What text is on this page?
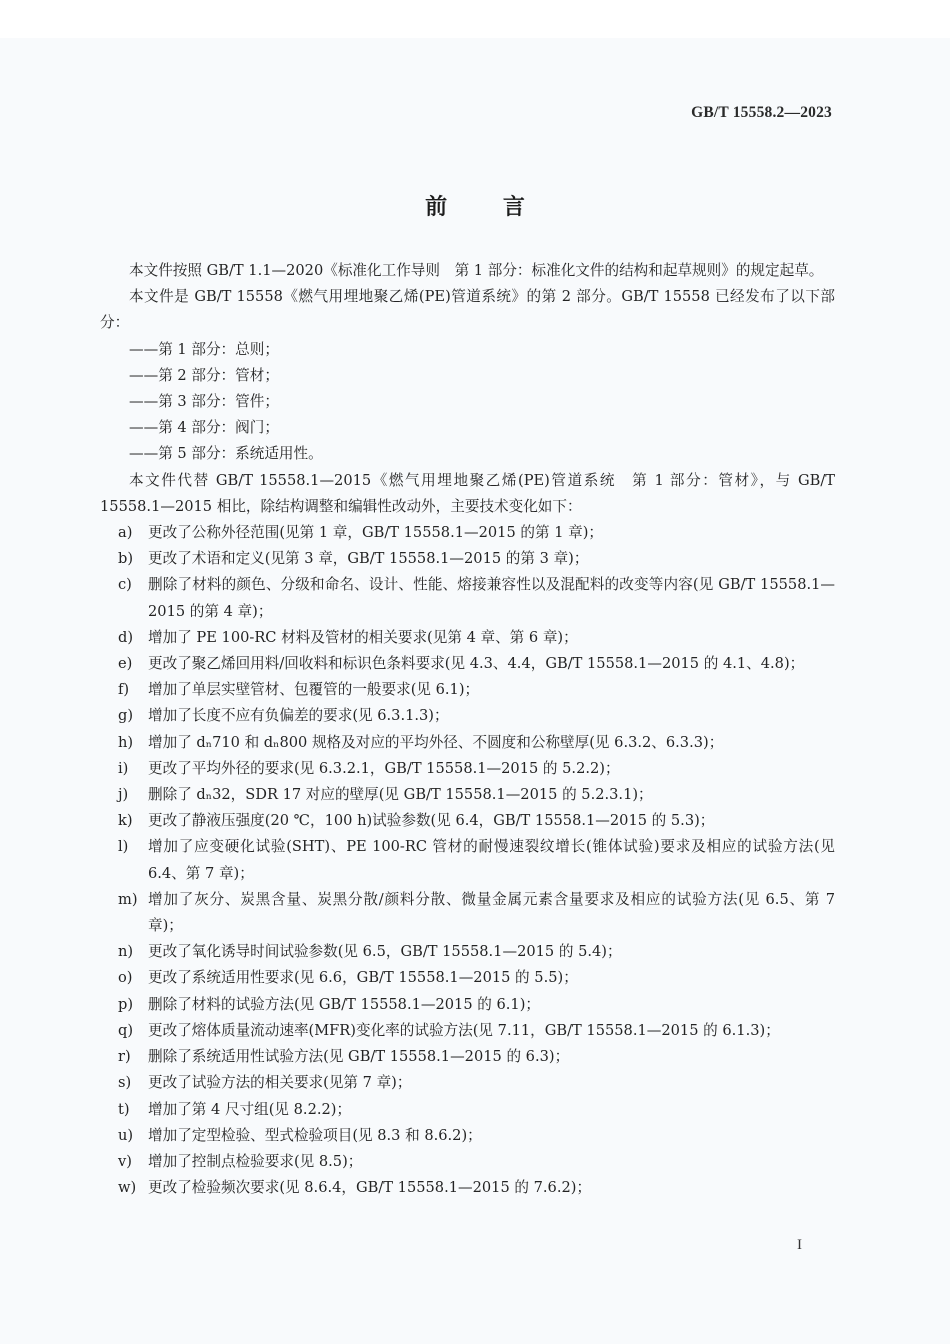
GB/T 15558.2—2023
前 言

本文件按照 GB/T 1.1—2020《标准化工作导则　第 1 部分：标准化文件的结构和起草规则》的规定起草。

本文件是 GB/T 15558《燃气用埋地聚乙烯(PE)管道系统》的第 2 部分。GB/T 15558 已经发布了以下部分：

——第 1 部分：总则；

——第 2 部分：管材；

——第 3 部分：管件；

——第 4 部分：阀门；

——第 5 部分：系统适用性。

本文件代替 GB/T 15558.1—2015《燃气用埋地聚乙烯(PE)管道系统　第 1 部分：管材》，与 GB/T 15558.1—2015 相比，除结构调整和编辑性改动外，主要技术变化如下：

a) 更改了公称外径范围(见第 1 章，GB/T 15558.1—2015 的第 1 章)；
b) 更改了术语和定义(见第 3 章，GB/T 15558.1—2015 的第 3 章)；
c) 删除了材料的颜色、分级和命名、设计、性能、熔接兼容性以及混配料的改变等内容(见 GB/T 15558.1—2015 的第 4 章)；
d) 增加了 PE 100-RC 材料及管材的相关要求(见第 4 章、第 6 章)；
e) 更改了聚乙烯回用料/回收料和标识色条料要求(见 4.3、4.4，GB/T 15558.1—2015 的 4.1、4.8)；
f) 增加了单层实壁管材、包覆管的一般要求(见 6.1)；
g) 增加了长度不应有负偏差的要求(见 6.3.1.3)；
h) 增加了 dₙ710 和 dₙ800 规格及对应的平均外径、不圆度和公称壁厚(见 6.3.2、6.3.3)；
i) 更改了平均外径的要求(见 6.3.2.1，GB/T 15558.1—2015 的 5.2.2)；
j) 删除了 dₙ32，SDR 17 对应的壁厚(见 GB/T 15558.1—2015 的 5.2.3.1)；
k) 更改了静液压强度(20 ℃，100 h)试验参数(见 6.4，GB/T 15558.1—2015 的 5.3)；
l) 增加了应变硬化试验(SHT)、PE 100-RC 管材的耐慢速裂纹增长(锥体试验)要求及相应的试验方法(见 6.4、第 7 章)；
m) 增加了灰分、炭黑含量、炭黑分散/颜料分散、微量金属元素含量要求及相应的试验方法(见 6.5、第 7 章)；
n) 更改了氧化诱导时间试验参数(见 6.5，GB/T 15558.1—2015 的 5.4)；
o) 更改了系统适用性要求(见 6.6，GB/T 15558.1—2015 的 5.5)；
p) 删除了材料的试验方法(见 GB/T 15558.1—2015 的 6.1)；
q) 更改了熔体质量流动速率(MFR)变化率的试验方法(见 7.11，GB/T 15558.1—2015 的 6.1.3)；
r) 删除了系统适用性试验方法(见 GB/T 15558.1—2015 的 6.3)；
s) 更改了试验方法的相关要求(见第 7 章)；
t) 增加了第 4 尺寸组(见 8.2.2)；
u) 增加了定型检验、型式检验项目(见 8.3 和 8.6.2)；
v) 增加了控制点检验要求(见 8.5)；
w) 更改了检验频次要求(见 8.6.4，GB/T 15558.1—2015 的 7.6.2)；
I
